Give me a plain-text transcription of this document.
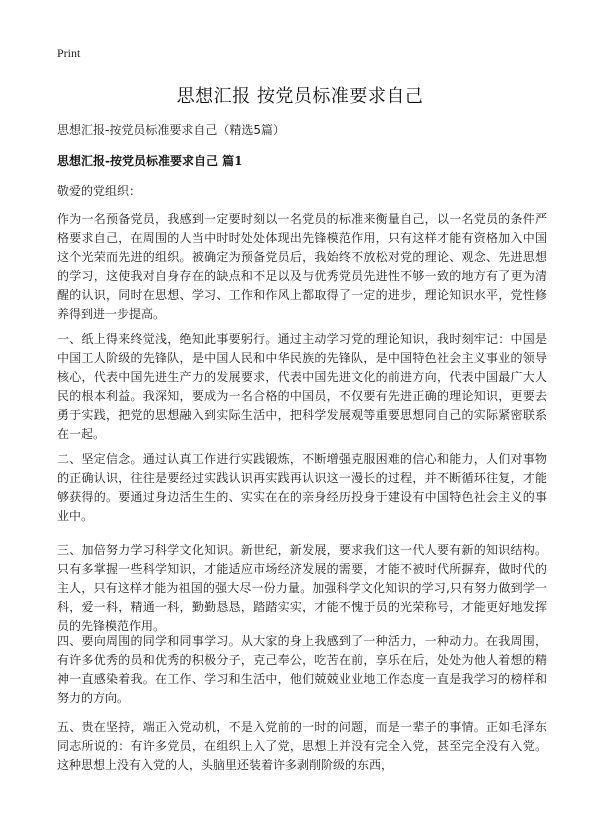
Print
思想汇报 按党员标准要求自己

思想汇报-按党员标准要求自己（精选5篇）

思想汇报-按党员标准要求自己 篇1

敬爱的党组织：

作为一名预备党员，我感到一定要时刻以一名党员的标准来衡量自己，以一名党员的条件严格要求自己，在周围的人当中时时处处体现出先锋模范作用，只有这样才能有资格加入中国这个光荣而先进的组织。被确定为预备党员后，我始终不放松对党的理论、观念、先进思想的学习，这使我对自身存在的缺点和不足以及与优秀党员先进性不够一致的地方有了更为清醒的认识，同时在思想、学习、工作和作风上都取得了一定的进步，理论知识水平，党性修养得到进一步提高。

一、纸上得来终觉浅，绝知此事要躬行。通过主动学习党的理论知识，我时刻牢记：中国是中国工人阶级的先锋队，是中国人民和中华民族的先锋队，是中国特色社会主义事业的领导核心，代表中国先进生产力的发展要求，代表中国先进文化的前进方向，代表中国最广大人民的根本利益。我深知，要成为一名合格的中国员，不仅要有先进正确的理论知识，更要去勇于实践，把党的思想融入到实际生活中，把科学发展观等重要思想同自己的实际紧密联系在一起。

二、坚定信念。通过认真工作进行实践锻炼，不断增强克服困难的信心和能力，人们对事物的正确认识，往往是要经过实践认识再实践再认识这一漫长的过程，并不断循环往复，才能够获得的。要通过身边活生生的、实实在在的亲身经历投身于建设有中国特色社会主义的事业中。

三、加倍努力学习科学文化知识。新世纪，新发展，要求我们这一代人要有新的知识结构。只有多掌握一些科学知识，才能适应市场经济发展的需要，才能不被时代所摒弃，做时代的主人，只有这样才能为祖国的强大尽一份力量。加强科学文化知识的学习,只有努力做到学一科，爱一科，精通一科，勤勤恳恳，踏踏实实，才能不愧于员的光荣称号，才能更好地发挥员的先锋模范作用。

四、要向周围的同学和同事学习。从大家的身上我感到了一种活力，一种动力。在我周围，有许多优秀的员和优秀的积极分子，克己奉公，吃苦在前，享乐在后，处处为他人着想的精神一直感染着我。在工作、学习和生活中，他们兢兢业业地工作态度一直是我学习的榜样和努力的方向。

五、贵在坚持，端正入党动机，不是入党前的一时的问题，而是一辈子的事情。正如毛泽东同志所说的：有许多党员，在组织上入了党，思想上并没有完全入党，甚至完全没有入党。这种思想上没有入党的人，头脑里还装着许多剥削阶级的东西，
